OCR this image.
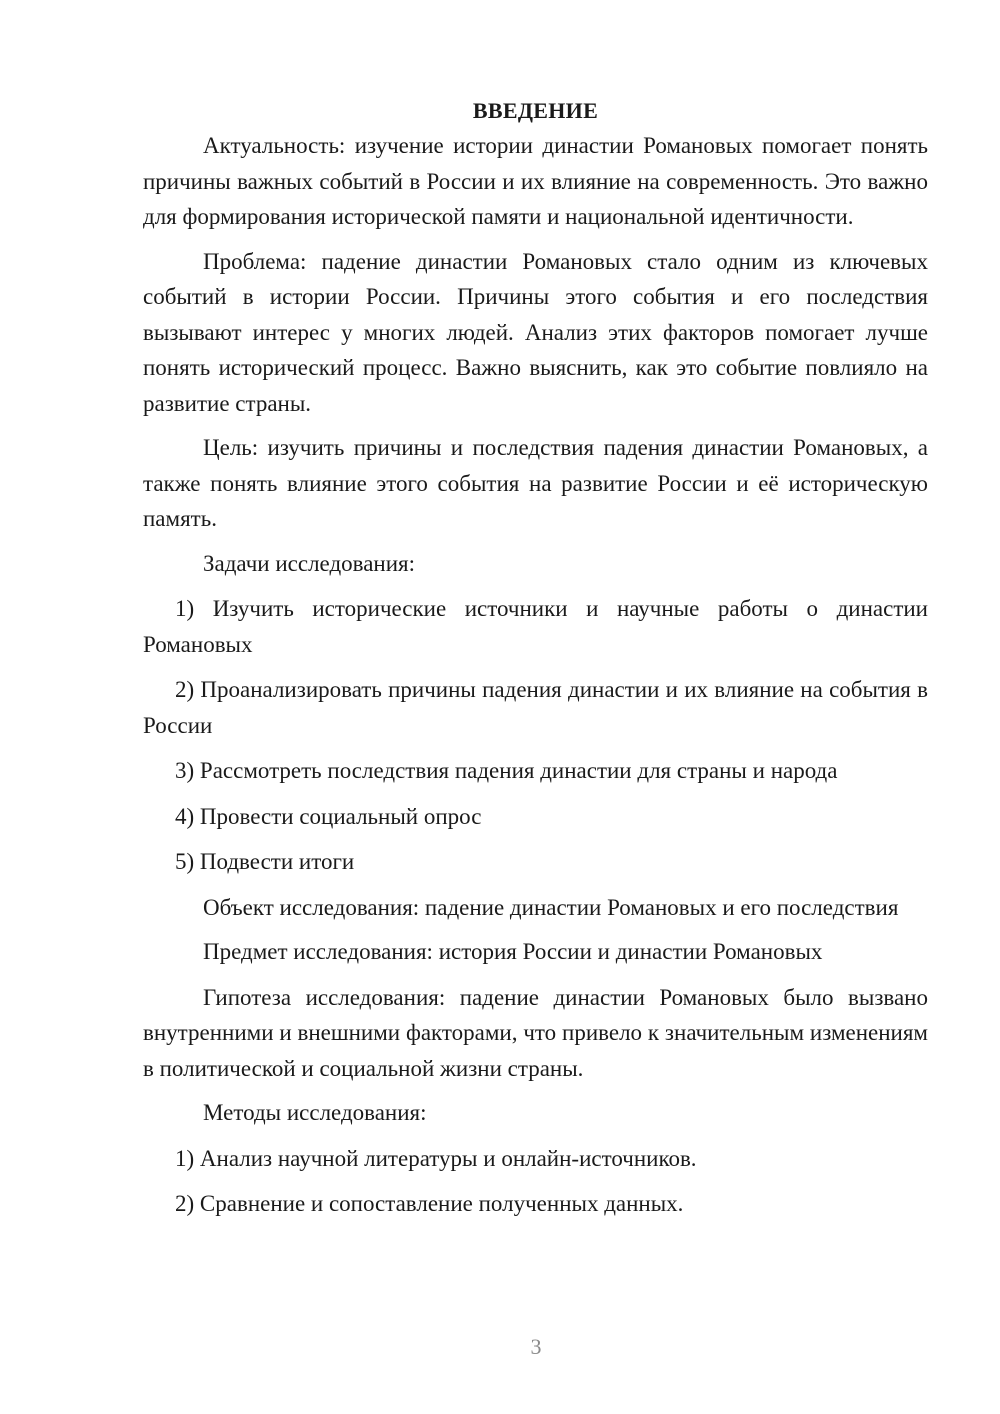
ВВЕДЕНИЕ

Актуальность: изучение истории династии Романовых помогает понять причины важных событий в России и их влияние на современность. Это важно для формирования исторической памяти и национальной идентичности.

Проблема: падение династии Романовых стало одним из ключевых событий в истории России. Причины этого события и его последствия вызывают интерес у многих людей. Анализ этих факторов помогает лучше понять исторический процесс. Важно выяснить, как это событие повлияло на развитие страны.

Цель: изучить причины и последствия падения династии Романовых, а также понять влияние этого события на развитие России и её историческую память.

Задачи исследования:

1) Изучить исторические источники и научные работы о династии Романовых

2) Проанализировать причины падения династии и их влияние на события в России

3) Рассмотреть последствия падения династии для страны и народа

4) Провести социальный опрос

5) Подвести итоги

Объект исследования: падение династии Романовых и его последствия

Предмет исследования: история России и династии Романовых

Гипотеза исследования: падение династии Романовых было вызвано внутренними и внешними факторами, что привело к значительным изменениям в политической и социальной жизни страны.

Методы исследования:

1) Анализ научной литературы и онлайн-источников.

2) Сравнение и сопоставление полученных данных.

3
